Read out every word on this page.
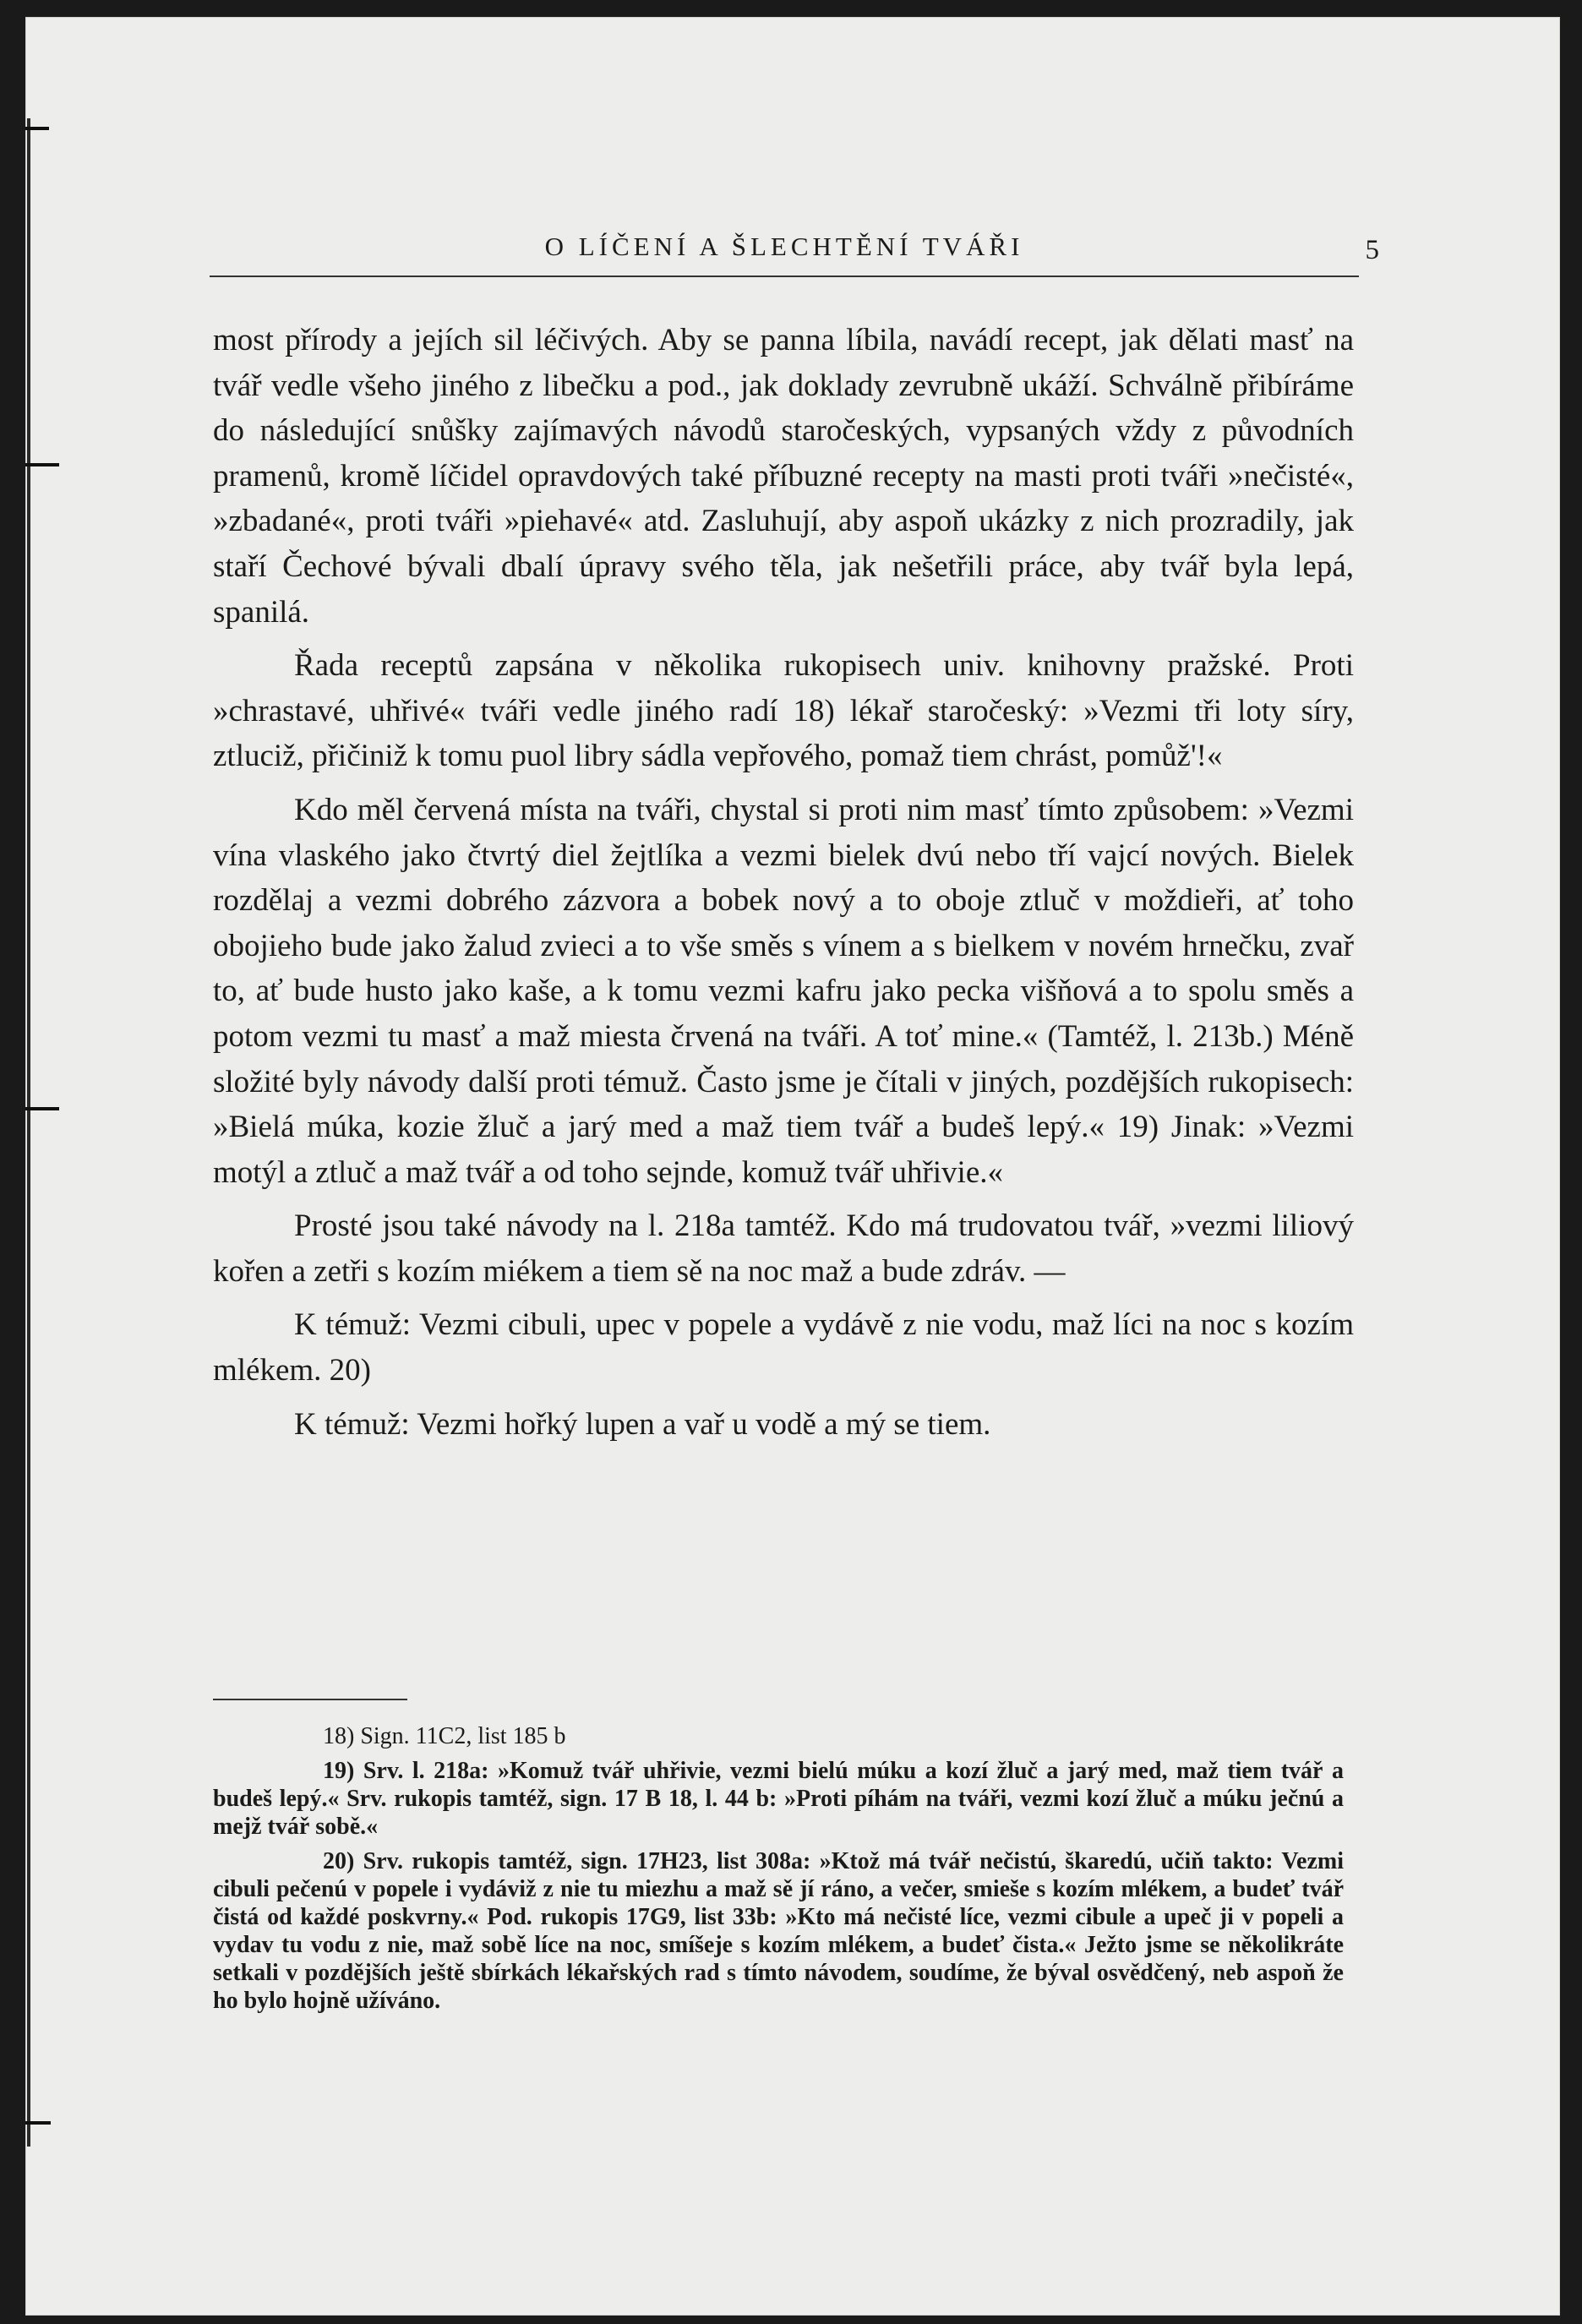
O LÍČENÍ A ŠLECHTĚNÍ TVÁŘI	5

most přírody a jejích sil léčivých. Aby se panna líbila, navádí recept, jak dělati masť na tvář vedle všeho jiného z libečku a pod., jak doklady zevrubně ukáží. Schválně přibíráme do následující snůšky zajímavých návodů staročeských, vypsaných vždy z původních pramenů, kromě líčidel opravdových také příbuzné recepty na masti proti tváři »nečisté«, »zbadané«, proti tváři »piehavé« atd. Zasluhují, aby aspoň ukázky z nich prozradily, jak staří Čechové bývali dbalí úpravy svého těla, jak nešetřili práce, aby tvář byla lepá, spanilá.

Řada receptů zapsána v několika rukopisech univ. knihovny pražské. Proti »chrastavé, uhřivé« tváři vedle jiného radí 18) lékař staročeský: »Vezmi tři loty síry, ztluciž, přičiniž k tomu puol libry sádla vepřového, pomaž tiem chrást, pomůž'!«

Kdo měl červená místa na tváři, chystal si proti nim masť tímto způsobem: »Vezmi vína vlaského jako čtvrtý diel žejtlíka a vezmi bielek dvú nebo tří vajcí nových. Bielek rozdělaj a vezmi dobrého zázvora a bobek nový a to oboje ztluč v moždieři, ať toho obojieho bude jako žalud zvieci a to vše směs s vínem a s bielkem v novém hrnečku, zvař to, ať bude husto jako kaše, a k tomu vezmi kafru jako pecka višňová a to spolu směs a potom vezmi tu masť a maž miesta črvená na tváři. A toť mine.« (Tamtéž, l. 213b.) Méně složité byly návody další proti témuž. Často jsme je čítali v jiných, pozdějších rukopisech: »Bielá múka, kozie žluč a jarý med a maž tiem tvář a budeš lepý.« 19) Jinak: »Vezmi motýl a ztluč a maž tvář a od toho sejnde, komuž tvář uhřivie.«

Prosté jsou také návody na l. 218a tamtéž. Kdo má trudovatou tvář, »vezmi liliový kořen a zetři s kozím miékem a tiem sě na noc maž a bude zdráv. —

K témuž: Vezmi cibuli, upec v popele a vydávě z nie vodu, maž líci na noc s kozím mlékem. 20)

K témuž: Vezmi hořký lupen a vař u vodě a mý se tiem.

18) Sign. 11C2, list 185 b

19) Srv. l. 218a: »Komuž tvář uhřivie, vezmi bielú múku a kozí žluč a jarý med, maž tiem tvář a budeš lepý.« Srv. rukopis tamtéž, sign. 17 B 18, l. 44 b: »Proti píhám na tváři, vezmi kozí žluč a múku ječnú a mejž tvář sobě.«

20) Srv. rukopis tamtéž, sign. 17H23, list 308a: »Ktož má tvář nečistú, škaredú, učiň takto: Vezmi cibuli pečenú v popele i vydáviž z nie tu miezhu a maž sě jí ráno, a večer, smieše s kozím mlékem, a budeť tvář čistá od každé poskvrny.« Pod. rukopis 17G9, list 33b: »Kto má nečisté líce, vezmi cibule a upeč ji v popeli a vydav tu vodu z nie, maž sobě líce na noc, smíšeje s kozím mlékem, a budeť čista.« Ježto jsme se několikráte setkali v pozdějších ještě sbírkách lékařských rad s tímto návodem, soudíme, že býval osvědčený, neb aspoň že ho bylo hojně užíváno.
